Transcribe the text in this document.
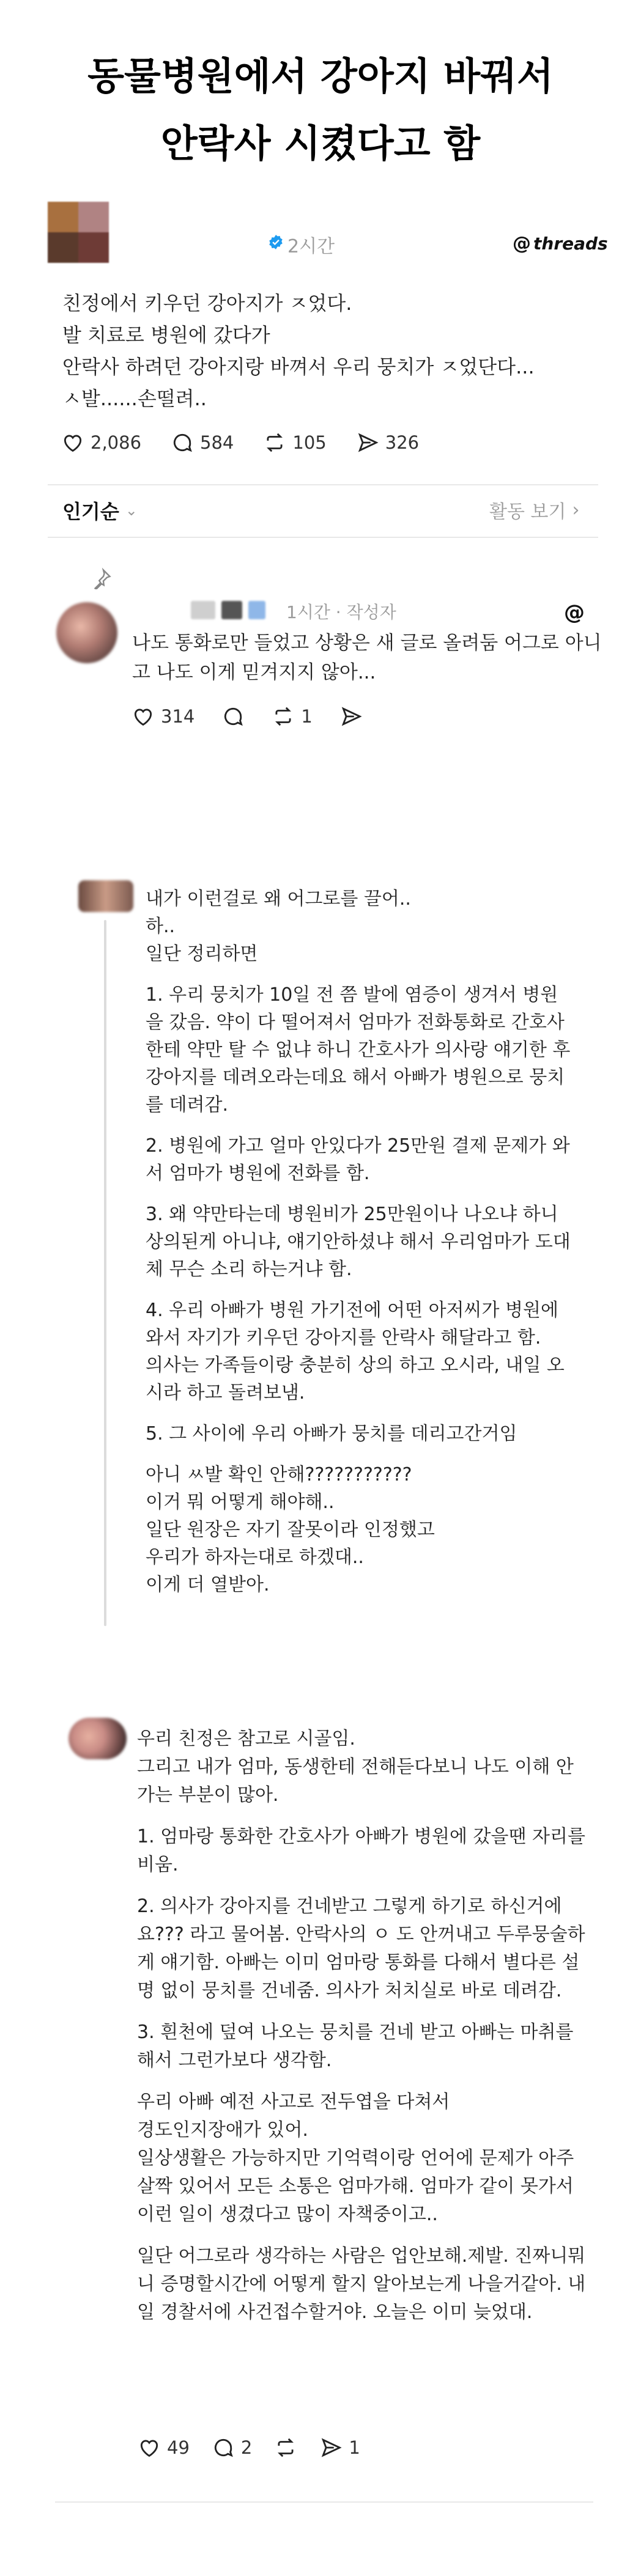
동물병원에서 강아지 바꿔서
안락사 시켰다고 함
2시간	@ threads

친정에서 키우던 강아지가 ㅈ었다.

발 치료로 병원에 갔다가

안락사 하려던 강아지랑 바껴서 우리 뭉치가 ㅈ었단다...

ㅅ발......손떨려..

2,086	584	105	326
인기순 ⌄	활동 보기 ›
1시간 · 작성자	@
나도 통화로만 들었고 상황은 새 글로 올려둠 어그로 아니고 나도 이게 믿겨지지 않아...
314	1

내가 이런걸로 왜 어그로를 끌어..

하..

일단 정리하면

1. 우리 뭉치가 10일 전 쯤 발에 염증이 생겨서 병원을 갔음. 약이 다 떨어져서 엄마가 전화통화로 간호사한테 약만 탈 수 없냐 하니 간호사가 의사랑 얘기한 후 강아지를 데려오라는데요 해서 아빠가 병원으로 뭉치를 데려감.

2. 병원에 가고 얼마 안있다가 25만원 결제 문제가 와서 엄마가 병원에 전화를 함.

3. 왜 약만타는데 병원비가 25만원이나 나오냐 하니 상의된게 아니냐, 얘기안하셨냐 해서 우리엄마가 도대체 무슨 소리 하는거냐 함.

4. 우리 아빠가 병원 가기전에 어떤 아저씨가 병원에 와서 자기가 키우던 강아지를 안락사 해달라고 함.

의사는 가족들이랑 충분히 상의 하고 오시라, 내일 오시라 하고 돌려보냄.

5. 그 사이에 우리 아빠가 뭉치를 데리고간거임

아니 ㅆ발 확인 안해???????????

이거 뭐 어떻게 해야해..

일단 원장은 자기 잘못이라 인정했고

우리가 하자는대로 하겠대..

이게 더 열받아.

우리 친정은 참고로 시골임.

그리고 내가 엄마, 동생한테 전해듣다보니 나도 이해 안가는 부분이 많아.

1. 엄마랑 통화한 간호사가 아빠가 병원에 갔을땐 자리를 비움.

2. 의사가 강아지를 건네받고 그렇게 하기로 하신거에요??? 라고 물어봄. 안락사의 ㅇ 도 안꺼내고 두루뭉술하게 얘기함. 아빠는 이미 엄마랑 통화를 다해서 별다른 설명 없이 뭉치를 건네줌. 의사가 처치실로 바로 데려감.

3. 흰천에 덮여 나오는 뭉치를 건네 받고 아빠는 마취를 해서 그런가보다 생각함.

우리 아빠 예전 사고로 전두엽을 다쳐서

경도인지장애가 있어.

일상생활은 가능하지만 기억력이랑 언어에 문제가 아주 살짝 있어서 모든 소통은 엄마가해. 엄마가 같이 못가서 이런 일이 생겼다고 많이 자책중이고..

일단 어그로라 생각하는 사람은 업안보해.제발. 진짜니뭐니 증명할시간에 어떻게 할지 알아보는게 나을거같아. 내일 경찰서에 사건접수할거야. 오늘은 이미 늦었대.

49	2	1
